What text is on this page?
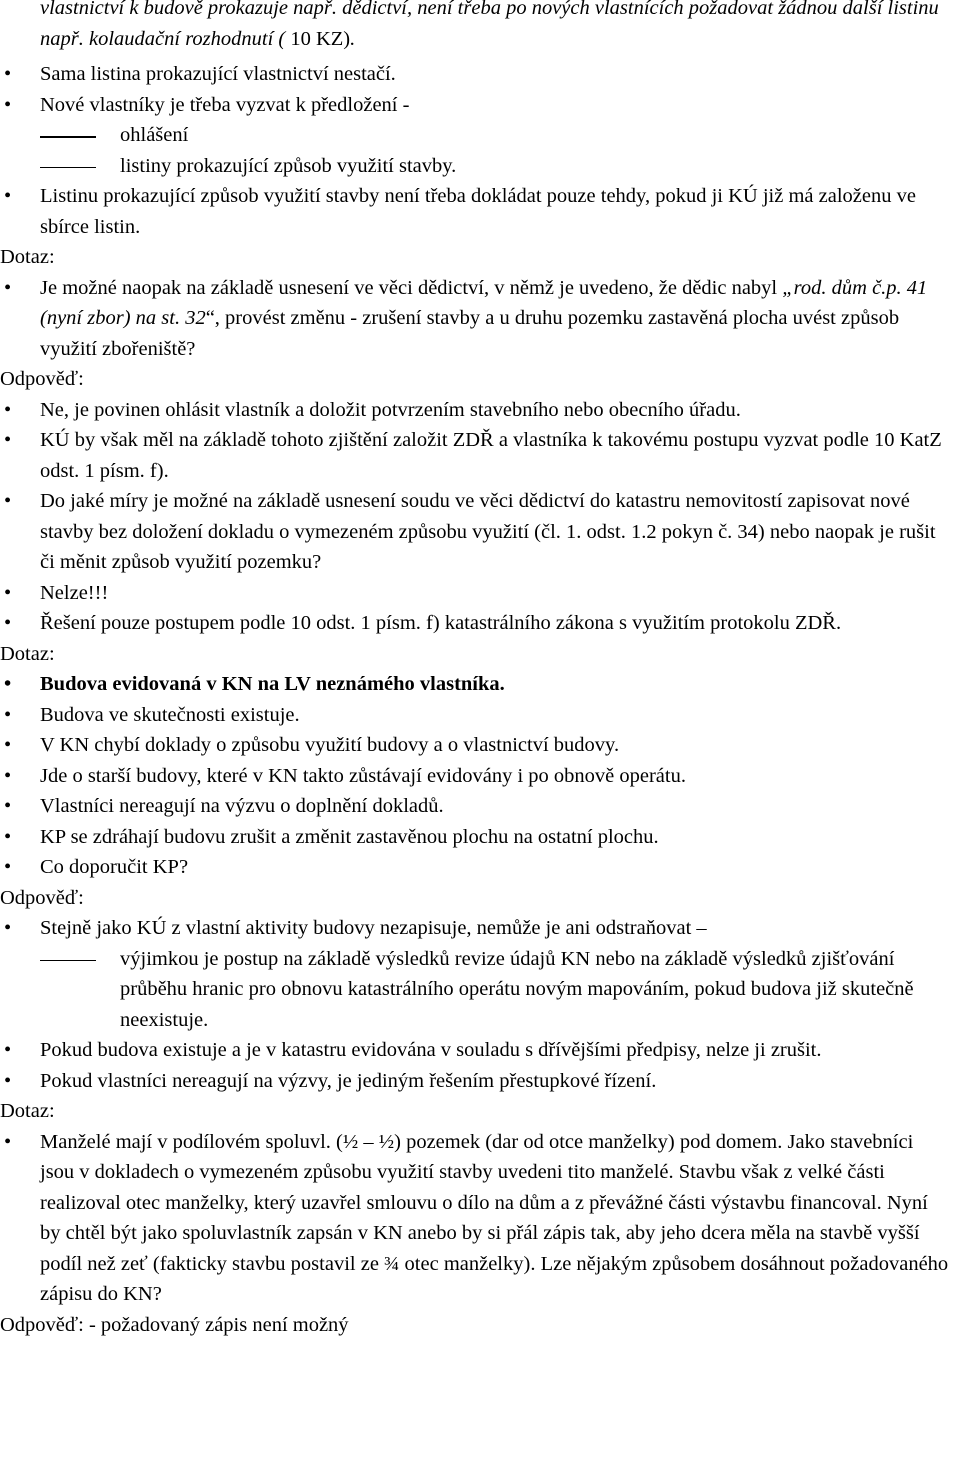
vlastnictví k budově prokazuje např. dědictví, není třeba po nových vlastnících požadovat žádnou další listinu např. kolaudační rozhodnutí ( 10 KZ).
• Sama listina prokazující vlastnictví nestačí.
• Nové vlastníky je třeba vyzvat k předložení -
ohlášení
listiny prokazující způsob využití stavby.
• Listinu prokazující způsob využití stavby není třeba dokládat pouze tehdy, pokud ji KÚ již má založenu ve sbírce listin.
Dotaz:
• Je možné naopak na základě usnesení ve věci dědictví, v němž je uvedeno, že dědic nabyl „rod. dům č.p. 41 (nyní zbor) na st. 32“, provést změnu - zrušení stavby a u druhu pozemku zastavěná plocha uvést způsob využití zbořeniště?
Odpověď:
• Ne, je povinen ohlásit vlastník a doložit potvrzením stavebního nebo obecního úřadu.
• KÚ by však měl na základě tohoto zjištění založit ZDŘ a vlastníka k takovému postupu vyzvat podle 10 KatZ odst. 1 písm. f).
• Do jaké míry je možné na základě usnesení soudu ve věci dědictví do katastru nemovitostí zapisovat nové stavby bez doložení dokladu o vymezeném způsobu využití (čl. 1. odst. 1.2 pokyn č. 34) nebo naopak je rušit či měnit způsob využití pozemku?
• Nelze!!!
• Řešení pouze postupem podle 10 odst. 1 písm. f) katastrálního zákona s využitím protokolu ZDŘ.
Dotaz:
• Budova evidovaná v KN na LV neznámého vlastníka.
• Budova ve skutečnosti existuje.
• V KN chybí doklady o způsobu využití budovy a o vlastnictví budovy.
• Jde o starší budovy, které v KN takto zůstávají evidovány i po obnově operátu.
• Vlastníci nereagují na výzvu o doplnění dokladů.
• KP se zdráhají budovu zrušit a změnit zastavěnou plochu na ostatní plochu.
• Co doporučit KP?
Odpověď:
• Stejně jako KÚ z vlastní aktivity budovy nezapisuje, nemůže je ani odstraňovat –
výjimkou je postup na základě výsledků revize údajů KN nebo na základě výsledků zjišťování průběhu hranic pro obnovu katastrálního operátu novým mapováním, pokud budova již skutečně neexistuje.
• Pokud budova existuje a je v katastru evidována v souladu s dřívějšími předpisy, nelze ji zrušit.
• Pokud vlastníci nereagují na výzvy, je jediným řešením přestupkové řízení.
Dotaz:
• Manželé mají v podílovém spoluvl. (½ – ½) pozemek (dar od otce manželky) pod domem. Jako stavebníci jsou v dokladech o vymezeném způsobu využití stavby uvedeni tito manželé. Stavbu však z velké části realizoval otec manželky, který uzavřel smlouvu o dílo na dům a z převážné části výstavbu financoval. Nyní by chtěl být jako spoluvlastník zapsán v KN anebo by si přál zápis tak, aby jeho dcera měla na stavbě vyšší podíl než zeť (fakticky stavbu postavil ze ¾ otec manželky). Lze nějakým způsobem dosáhnout požadovaného zápisu do KN?
Odpověď: - požadovaný zápis není možný
